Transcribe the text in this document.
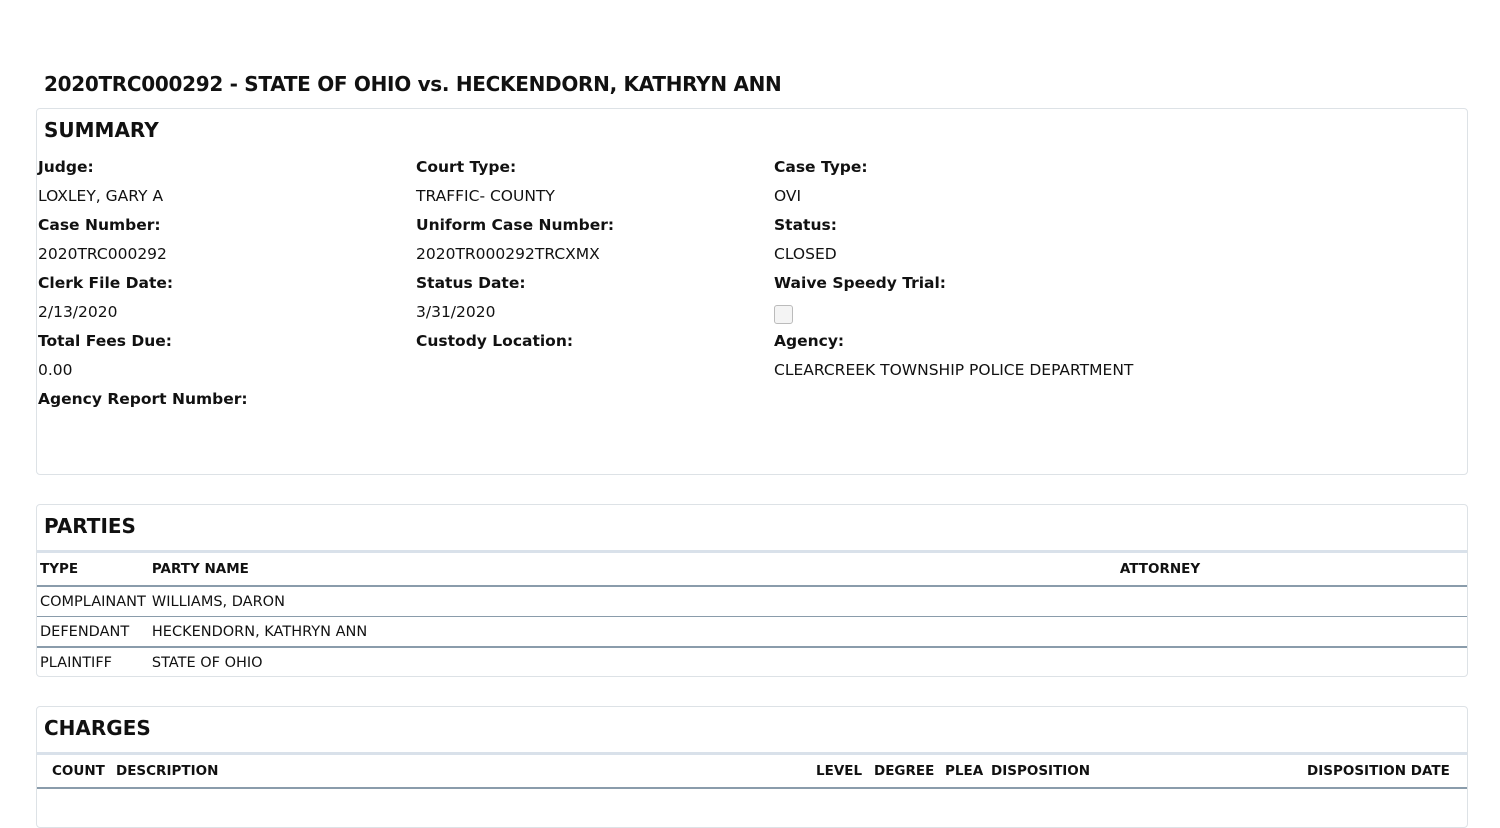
2020TRC000292 - STATE OF OHIO vs. HECKENDORN, KATHRYN ANN
SUMMARY
Judge:
LOXLEY, GARY A
Case Number:
2020TRC000292
Clerk File Date:
2/13/2020
Total Fees Due:
0.00
Agency Report Number:
Court Type:
TRAFFIC- COUNTY
Uniform Case Number:
2020TR000292TRCXMX
Status Date:
3/31/2020
Custody Location:
Case Type:
OVI
Status:
CLOSED
Waive Speedy Trial:
Agency:
CLEARCREEK TOWNSHIP POLICE DEPARTMENT
PARTIES
TYPE	PARTY NAME	ATTORNEY
COMPLAINANT	WILLIAMS, DARON	
DEFENDANT	HECKENDORN, KATHRYN ANN	
PLAINTIFF	STATE OF OHIO	
CHARGES
COUNT	DESCRIPTION	LEVEL	DEGREE	PLEA	DISPOSITION	DISPOSITION DATE
